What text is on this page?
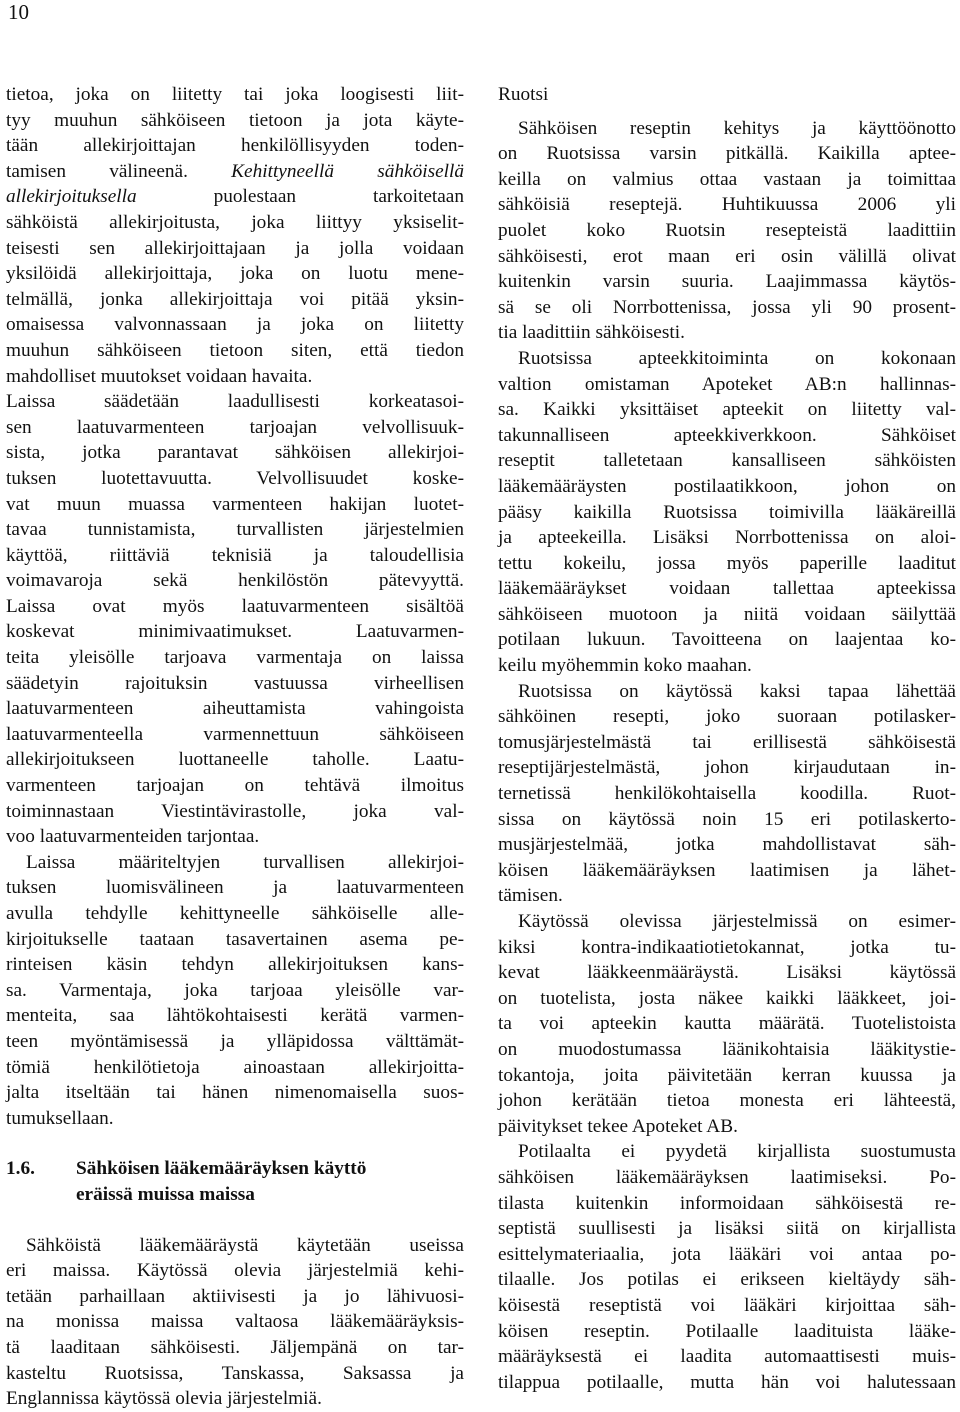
10
tietoa, joka on liitetty tai joka loogisesti liit-
tyy muuhun sähköiseen tietoon ja jota käyte-
tään allekirjoittajan henkilöllisyyden toden-
tamisen välineenä. Kehittyneellä sähköisellä
allekirjoituksella puolestaan tarkoitetaan
sähköistä allekirjoitusta, joka liittyy yksiselit-
teisesti sen allekirjoittajaan ja jolla voidaan
yksilöidä allekirjoittaja, joka on luotu mene-
telmällä, jonka allekirjoittaja voi pitää yksin-
omaisessa valvonnassaan ja joka on liitetty
muuhun sähköiseen tietoon siten, että tiedon
mahdolliset muutokset voidaan havaita.
Laissa säädetään laadullisesti korkeatasoi-
sen laatuvarmenteen tarjoajan velvollisuuk-
sista, jotka parantavat sähköisen allekirjoi-
tuksen luotettavuutta. Velvollisuudet koske-
vat muun muassa varmenteen hakijan luotet-
tavaa tunnistamista, turvallisten järjestelmien
käyttöä, riittäviä teknisiä ja taloudellisia
voimavaroja sekä henkilöstön pätevyyttä.
Laissa ovat myös laatuvarmenteen sisältöä
koskevat minimivaatimukset. Laatuvarmen-
teita yleisölle tarjoava varmentaja on laissa
säädetyin rajoituksin vastuussa virheellisen
laatuvarmenteen aiheuttamista vahingoista
laatuvarmenteella varmennettuun sähköiseen
allekirjoitukseen luottaneelle taholle. Laatu-
varmenteen tarjoajan on tehtävä ilmoitus
toiminnastaan Viestintävirastolle, joka val-
voo laatuvarmenteiden tarjontaa.
Laissa määriteltyjen turvallisen allekirjoi-
tuksen luomisvälineen ja laatuvarmenteen
avulla tehdylle kehittyneelle sähköiselle alle-
kirjoitukselle taataan tasavertainen asema pe-
rinteisen käsin tehdyn allekirjoituksen kans-
sa. Varmentaja, joka tarjoaa yleisölle var-
menteita, saa lähtökohtaisesti kerätä varmen-
teen myöntämisessä ja ylläpidossa välttämät-
tömiä henkilötietoja ainoastaan allekirjoitta-
jalta itseltään tai hänen nimenomaisella suos-
tumuksellaan.
1.6. Sähköisen lääkemääräyksen käyttö
eräissä muissa maissa
Sähköistä lääkemääräystä käytetään useissa
eri maissa. Käytössä olevia järjestelmiä kehi-
tetään parhaillaan aktiivisesti ja jo lähivuosi-
na monissa maissa valtaosa lääkemääräyksis-
tä laaditaan sähköisesti. Jäljempänä on tar-
kasteltu Ruotsissa, Tanskassa, Saksassa ja
Englannissa käytössä olevia järjestelmiä.
Ruotsi
Sähköisen reseptin kehitys ja käyttöönotto
on Ruotsissa varsin pitkällä. Kaikilla aptee-
keilla on valmius ottaa vastaan ja toimittaa
sähköisiä reseptejä. Huhtikuussa 2006 yli
puolet koko Ruotsin resepteistä laadittiin
sähköisesti, erot maan eri osin välillä olivat
kuitenkin varsin suuria. Laajimmassa käytös-
sä se oli Norrbottenissa, jossa yli 90 prosent-
tia laadittiin sähköisesti.
Ruotsissa apteekkitoiminta on kokonaan
valtion omistaman Apoteket AB:n hallinnas-
sa. Kaikki yksittäiset apteekit on liitetty val-
takunnalliseen apteekkiverkkoon. Sähköiset
reseptit talletetaan kansalliseen sähköisten
lääkemääräysten postilaatikkoon, johon on
pääsy kaikilla Ruotsissa toimivilla lääkäreillä
ja apteekeilla. Lisäksi Norrbottenissa on aloi-
tettu kokeilu, jossa myös paperille laaditut
lääkemääräykset voidaan tallettaa apteekissa
sähköiseen muotoon ja niitä voidaan säilyttää
potilaan lukuun. Tavoitteena on laajentaa ko-
keilu myöhemmin koko maahan.
Ruotsissa on käytössä kaksi tapaa lähettää
sähköinen resepti, joko suoraan potilasker-
tomusjärjestelmästä tai erillisestä sähköisestä
reseptijärjestelmästä, johon kirjaudutaan in-
ternetissä henkilökohtaisella koodilla. Ruot-
sissa on käytössä noin 15 eri potilaskerto-
musjärjestelmää, jotka mahdollistavat säh-
köisen lääkemääräyksen laatimisen ja lähet-
tämisen.
Käytössä olevissa järjestelmissä on esimer-
kiksi kontra-indikaatiotietokannat, jotka tu-
kevat lääkkeenmääräystä. Lisäksi käytössä
on tuotelista, josta näkee kaikki lääkkeet, joi-
ta voi apteekin kautta määrätä. Tuotelistoista
on muodostumassa läänikohtaisia lääkitystie-
tokantoja, joita päivitetään kerran kuussa ja
johon kerätään tietoa monesta eri lähteestä,
päivitykset tekee Apoteket AB.
Potilaalta ei pyydetä kirjallista suostumusta
sähköisen lääkemääräyksen laatimiseksi. Po-
tilasta kuitenkin informoidaan sähköisestä re-
septistä suullisesti ja lisäksi siitä on kirjallista
esittelymateriaalia, jota lääkäri voi antaa po-
tilaalle. Jos potilas ei erikseen kieltäydy säh-
köisestä reseptistä voi lääkäri kirjoittaa säh-
köisen reseptin. Potilaalle laadituista lääke-
määräyksestä ei laadita automaattisesti muis-
tilappua potilaalle, mutta hän voi halutessaan
